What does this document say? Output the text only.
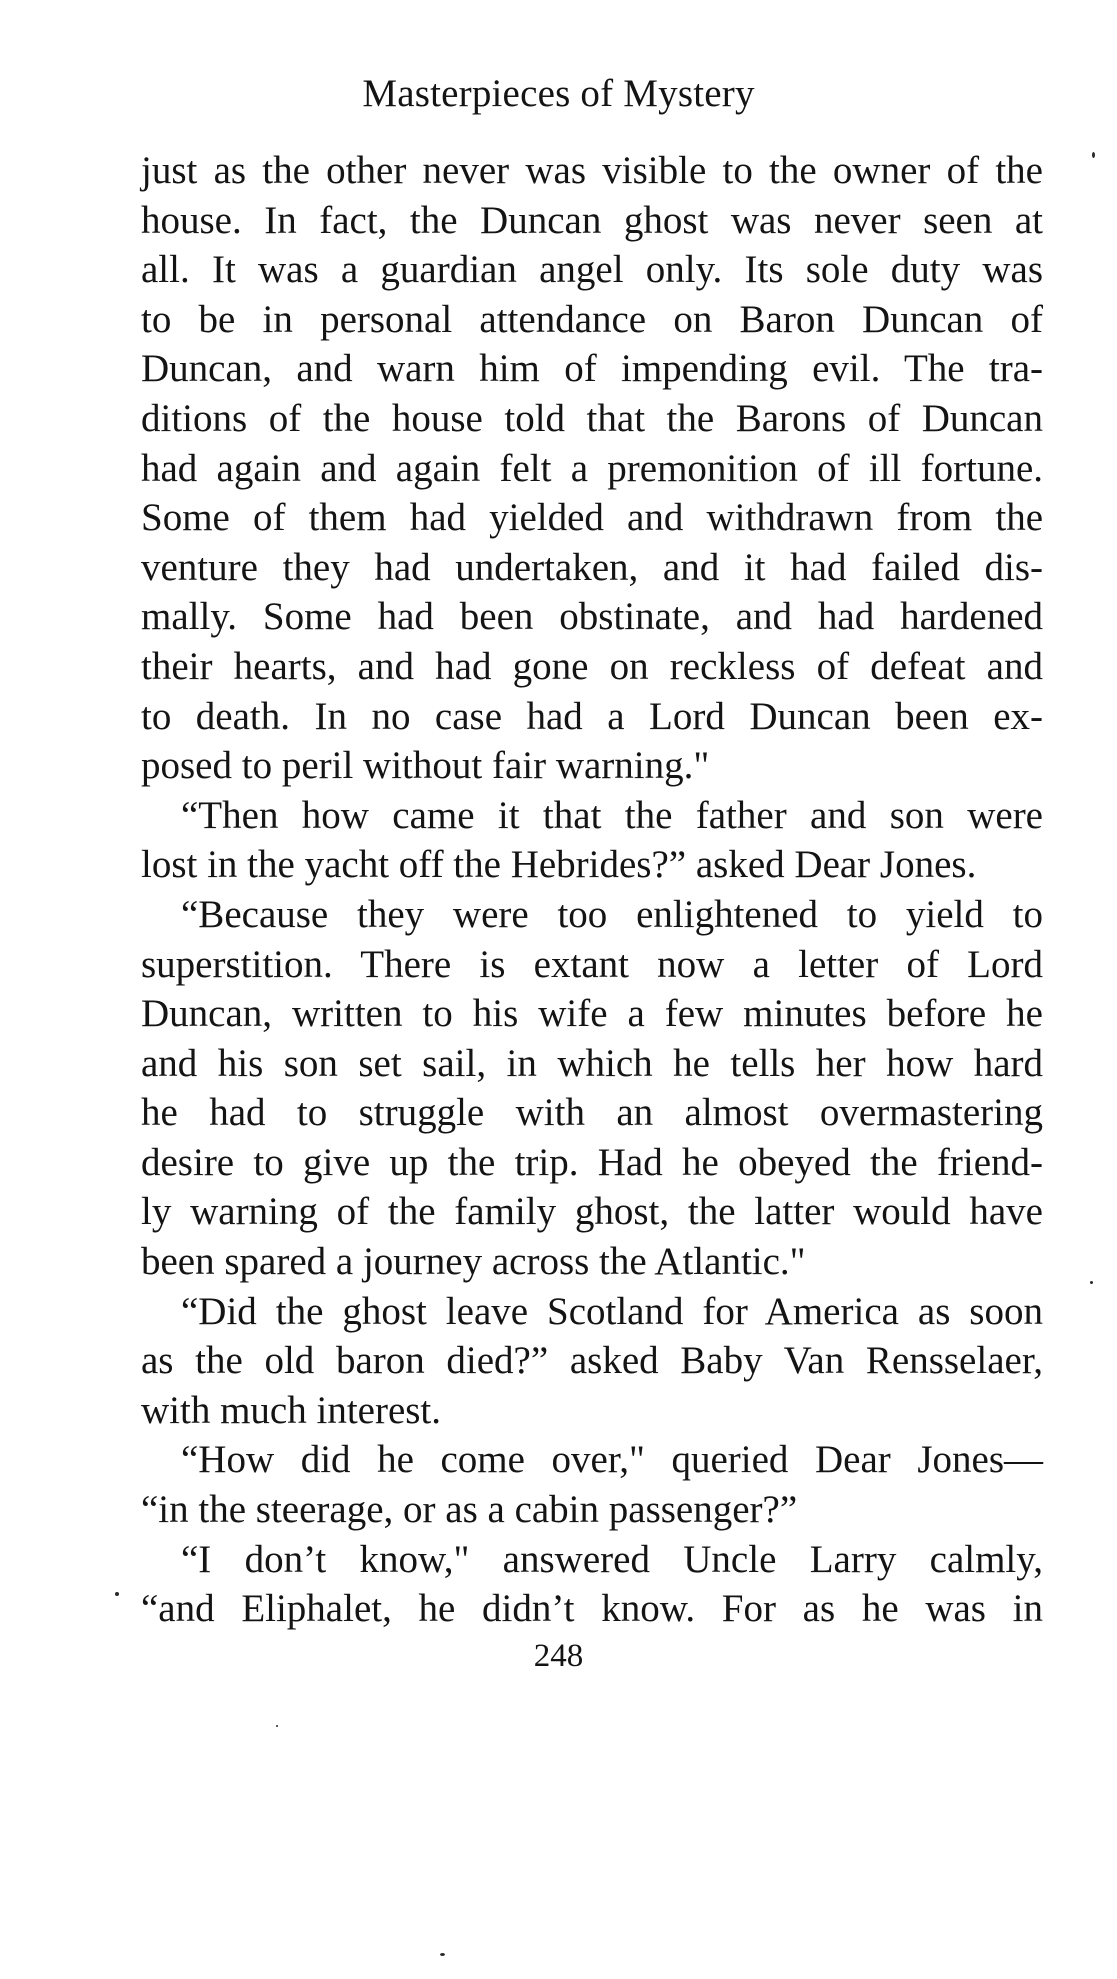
Masterpieces of Mystery
just as the other never was visible to the owner of the
house. In fact, the Duncan ghost was never seen at
all. It was a guardian angel only. Its sole duty was
to be in personal attendance on Baron Duncan of
Duncan, and warn him of impending evil. The tra-
ditions of the house told that the Barons of Duncan
had again and again felt a premonition of ill fortune.
Some of them had yielded and withdrawn from the
venture they had undertaken, and it had failed dis-
mally. Some had been obstinate, and had hardened
their hearts, and had gone on reckless of defeat and
to death. In no case had a Lord Duncan been ex-
posed to peril without fair warning."
“Then how came it that the father and son were
lost in the yacht off the Hebrides?” asked Dear Jones.
“Because they were too enlightened to yield to
superstition. There is extant now a letter of Lord
Duncan, written to his wife a few minutes before he
and his son set sail, in which he tells her how hard
he had to struggle with an almost overmastering
desire to give up the trip. Had he obeyed the friend-
ly warning of the family ghost, the latter would have
been spared a journey across the Atlantic."
“Did the ghost leave Scotland for America as soon
as the old baron died?” asked Baby Van Rensselaer,
with much interest.
“How did he come over," queried Dear Jones—
“in the steerage, or as a cabin passenger?”
“I don’t know," answered Uncle Larry calmly,
“and Eliphalet, he didn’t know. For as he was in
248
